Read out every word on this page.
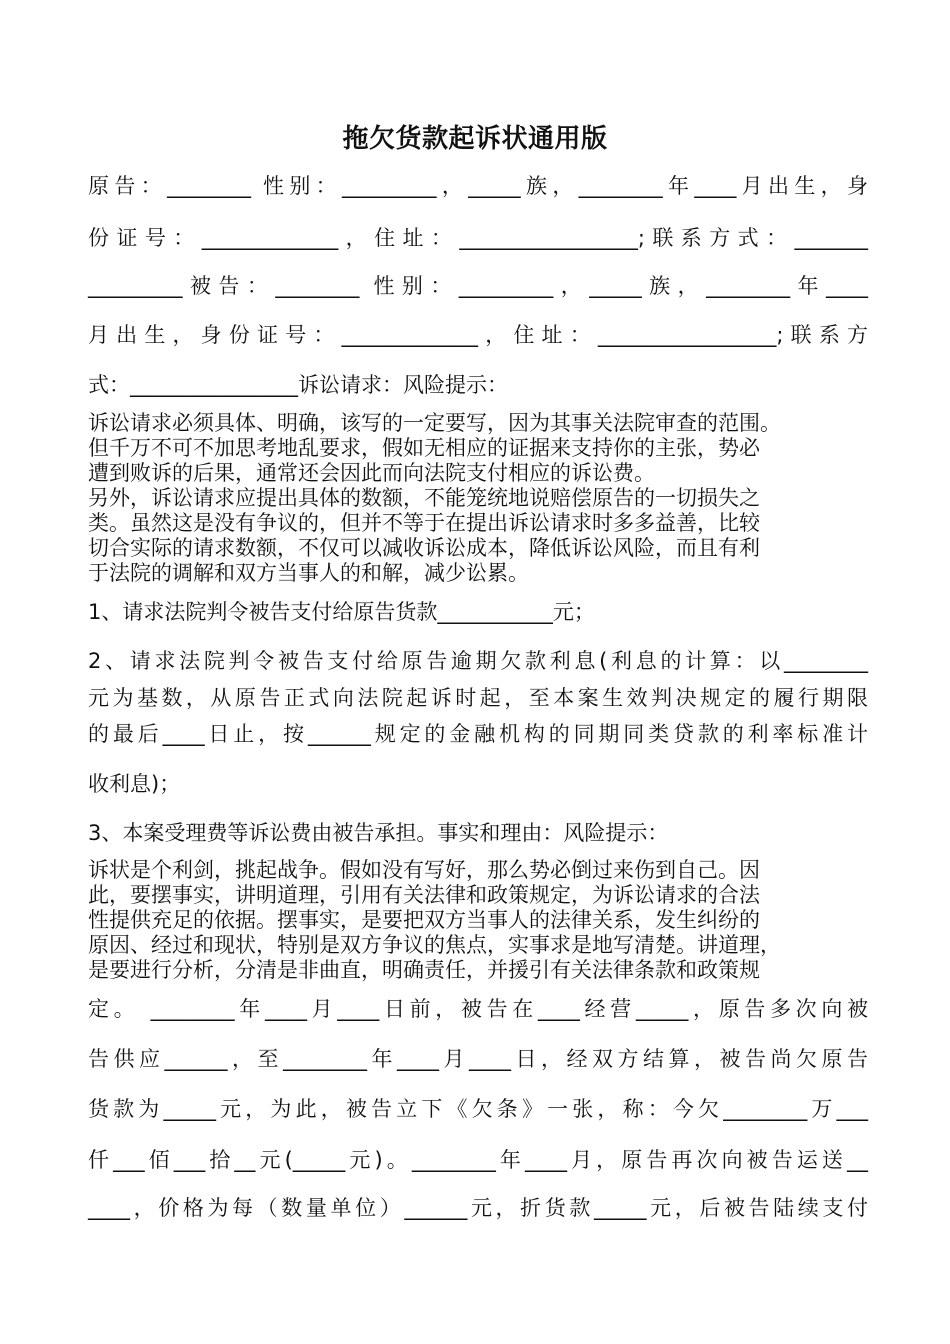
拖欠货款起诉状通用版
原告：________ 性别：_________，_____族，________年____月出生，身
份证号：_____________，住址：_________________;联系方式：_______
_________被告：________ 性别：_________，_____族，________年____
月出生，身份证号：_____________，住址：_________________;联系方
式：________________诉讼请求：风险提示：
诉讼请求必须具体、明确，该写的一定要写，因为其事关法院审查的范围。
但千万不可不加思考地乱要求，假如无相应的证据来支持你的主张，势必
遭到败诉的后果，通常还会因此而向法院支付相应的诉讼费。
另外，诉讼请求应提出具体的数额，不能笼统地说赔偿原告的一切损失之
类。虽然这是没有争议的，但并不等于在提出诉讼请求时多多益善，比较
切合实际的请求数额，不仅可以减收诉讼成本，降低诉讼风险，而且有利
于法院的调解和双方当事人的和解，减少讼累。
1、请求法院判令被告支付给原告货款___________元；
2、请求法院判令被告支付给原告逾期欠款利息(利息的计算：以________
元为基数，从原告正式向法院起诉时起，至本案生效判决规定的履行期限
的最后____日止，按______规定的金融机构的同期同类贷款的利率标准计
收利息)；
3、本案受理费等诉讼费由被告承担。事实和理由：风险提示：
诉状是个利剑，挑起战争。假如没有写好，那么势必倒过来伤到自己。因
此，要摆事实，讲明道理，引用有关法律和政策规定，为诉讼请求的合法
性提供充足的依据。摆事实，是要把双方当事人的法律关系，发生纠纷的
原因、经过和现状，特别是双方争议的焦点，实事求是地写清楚。讲道理，
是要进行分析，分清是非曲直，明确责任，并援引有关法律条款和政策规
定。 ________年____月____日前，被告在____经营_____，原告多次向被
告供应______，至________年____月____日，经双方结算，被告尚欠原告
货款为_____元，为此，被告立下《欠条》一张，称：今欠________万___
仟___佰___拾__元(_____元)。________年____月，原告再次向被告运送__
____，价格为每（数量单位）______元，折货款_____元，后被告陆续支付
